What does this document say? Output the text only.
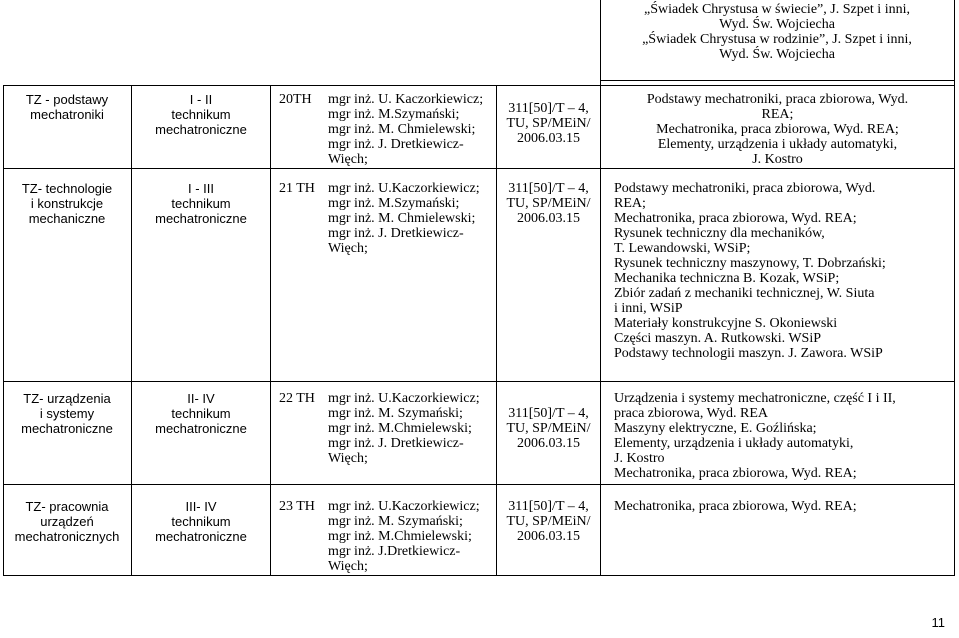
„Świadek Chrystusa w świecie”, J. Szpet i inni,

Wyd. Św. Wojciecha

„Świadek Chrystusa w rodzinie”, J. Szpet i inni,

Wyd. Św. Wojciecha

TZ - podstawy
mechatroniki
I - II
technikum
mechatroniczne
20TH mgr inż. U. Kaczorkiewicz;
mgr inż. M.Szymański;
mgr inż. M. Chmielewski;
mgr inż. J. Dretkiewicz-
Więch;
311[50]/T – 4,
TU, SP/MEiN/
2006.03.15
Podstawy mechatroniki, praca zbiorowa, Wyd.
REA;
Mechatronika, praca zbiorowa, Wyd. REA;
Elementy, urządzenia i układy automatyki,
J. Kostro
TZ- technologie
i konstrukcje
mechaniczne
I - III
technikum
mechatroniczne
21 TH mgr inż. U.Kaczorkiewicz;
mgr inż. M.Szymański;
mgr inż. M. Chmielewski;
mgr inż. J. Dretkiewicz-
Więch;
311[50]/T – 4,
TU, SP/MEiN/
2006.03.15
Podstawy mechatroniki, praca zbiorowa, Wyd.
REA;
Mechatronika, praca zbiorowa, Wyd. REA;
Rysunek techniczny dla mechaników,
T. Lewandowski, WSiP;
Rysunek techniczny maszynowy, T. Dobrzański;
Mechanika techniczna B. Kozak, WSiP;
Zbiór zadań z mechaniki technicznej, W. Siuta
i inni, WSiP
Materiały konstrukcyjne S. Okoniewski
Części maszyn. A. Rutkowski. WSiP
Podstawy technologii maszyn. J. Zawora. WSiP
TZ- urządzenia
i systemy
mechatroniczne
II- IV
technikum
mechatroniczne
22 TH mgr inż. U.Kaczorkiewicz;
mgr inż. M. Szymański;
mgr inż. M.Chmielewski;
mgr inż. J. Dretkiewicz-
Więch;
311[50]/T – 4,
TU, SP/MEiN/
2006.03.15
Urządzenia i systemy mechatroniczne, część I i II,
praca zbiorowa, Wyd. REA
Maszyny elektryczne, E. Goźlińska;
Elementy, urządzenia i układy automatyki,
J. Kostro
Mechatronika, praca zbiorowa, Wyd. REA;
TZ- pracownia
urządzeń
mechatronicznych
III- IV
technikum
mechatroniczne
23 TH mgr inż. U.Kaczorkiewicz;
mgr inż. M. Szymański;
mgr inż. M.Chmielewski;
mgr inż. J.Dretkiewicz-
Więch;
311[50]/T – 4,
TU, SP/MEiN/
2006.03.15
Mechatronika, praca zbiorowa, Wyd. REA;
11
